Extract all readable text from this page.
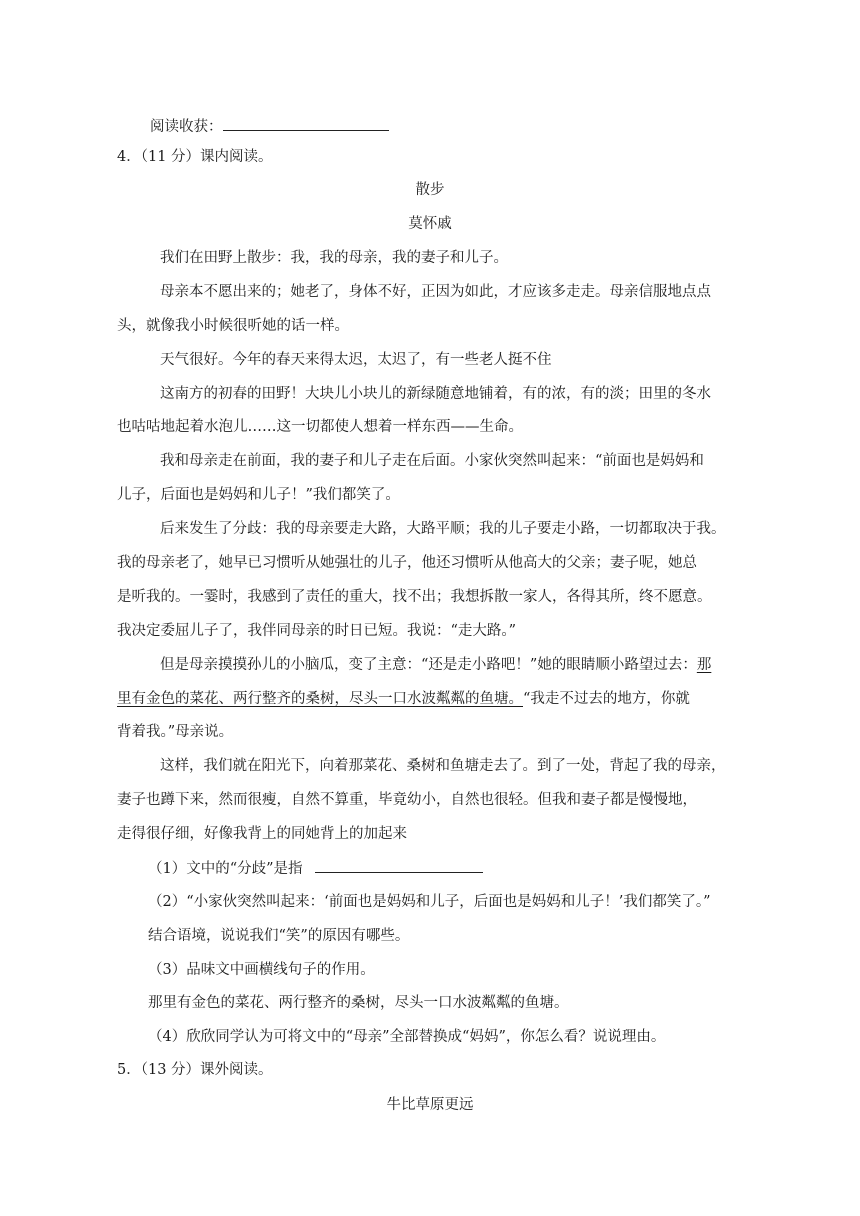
阅读收获：
4．（11 分）课内阅读。
散步
莫怀戚
我们在田野上散步：我，我的母亲，我的妻子和儿子。
母亲本不愿出来的；她老了，身体不好，正因为如此，才应该多走走。母亲信服地点点
头，就像我小时候很听她的话一样。
天气很好。今年的春天来得太迟，太迟了，有一些老人挺不住
这南方的初春的田野！大块儿小块儿的新绿随意地铺着，有的浓，有的淡；田里的冬水
也咕咕地起着水泡儿……这一切都使人想着一样东西——生命。
我和母亲走在前面，我的妻子和儿子走在后面。小家伙突然叫起来：“前面也是妈妈和
儿子，后面也是妈妈和儿子！”我们都笑了。
后来发生了分歧：我的母亲要走大路，大路平顺；我的儿子要走小路，一切都取决于我。
我的母亲老了，她早已习惯听从她强壮的儿子，他还习惯听从他高大的父亲；妻子呢，她总
是听我的。一霎时，我感到了责任的重大，找不出；我想拆散一家人，各得其所，终不愿意。
我决定委屈儿子了，我伴同母亲的时日已短。我说：“走大路。”
但是母亲摸摸孙儿的小脑瓜，变了主意：“还是走小路吧！”她的眼睛顺小路望过去：那
里有金色的菜花、两行整齐的桑树，尽头一口水波粼粼的鱼塘。“我走不过去的地方，你就
背着我。”母亲说。
这样，我们就在阳光下，向着那菜花、桑树和鱼塘走去了。到了一处，背起了我的母亲，
妻子也蹲下来，然而很瘦，自然不算重，毕竟幼小，自然也很轻。但我和妻子都是慢慢地，
走得很仔细，好像我背上的同她背上的加起来
（1）文中的“分歧”是指
（2）“小家伙突然叫起来：‘前面也是妈妈和儿子，后面也是妈妈和儿子！’我们都笑了。”
结合语境，说说我们“笑”的原因有哪些。
（3）品味文中画横线句子的作用。
那里有金色的菜花、两行整齐的桑树，尽头一口水波粼粼的鱼塘。
（4）欣欣同学认为可将文中的“母亲”全部替换成“妈妈”，你怎么看？说说理由。
5．（13 分）课外阅读。
牛比草原更远
